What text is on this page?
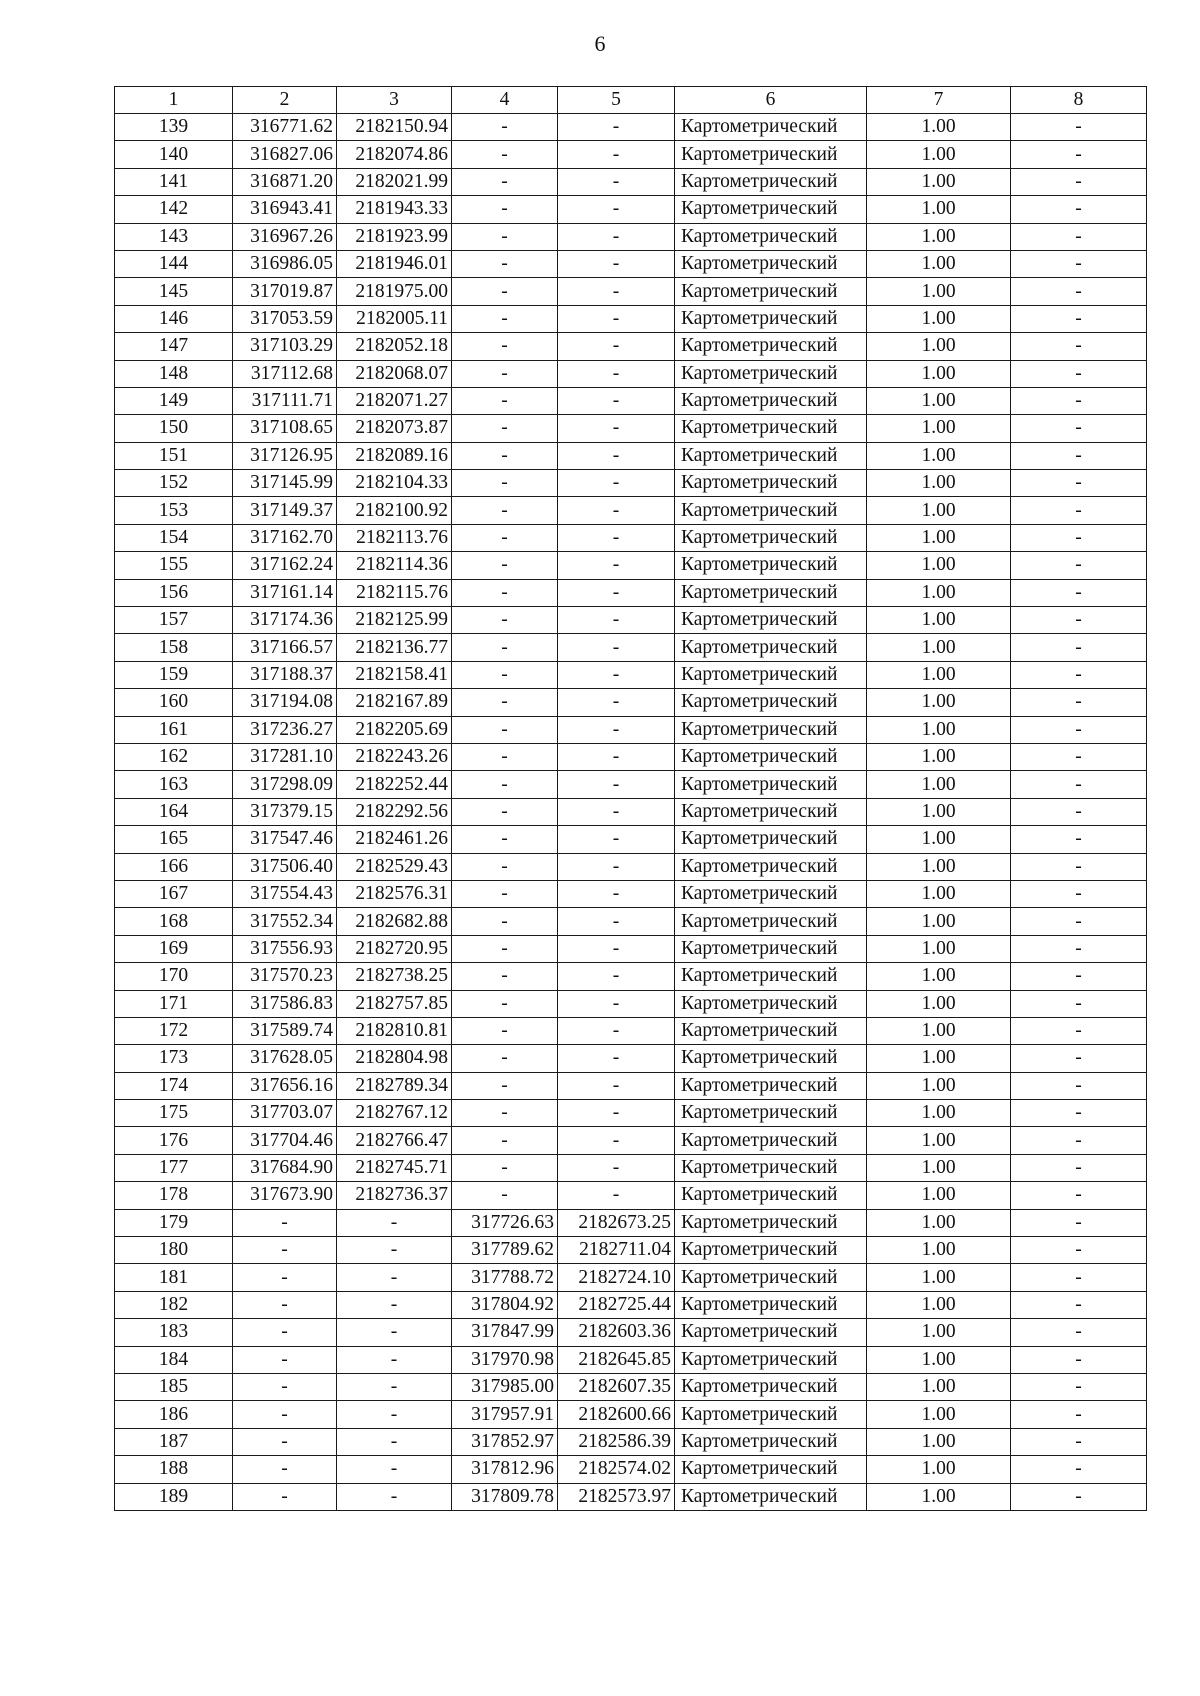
6
1	2	3	4	5	6	7	8
139	316771.62	2182150.94	-	-	Картометрический	1.00	-
140	316827.06	2182074.86	-	-	Картометрический	1.00	-
141	316871.20	2182021.99	-	-	Картометрический	1.00	-
142	316943.41	2181943.33	-	-	Картометрический	1.00	-
143	316967.26	2181923.99	-	-	Картометрический	1.00	-
144	316986.05	2181946.01	-	-	Картометрический	1.00	-
145	317019.87	2181975.00	-	-	Картометрический	1.00	-
146	317053.59	2182005.11	-	-	Картометрический	1.00	-
147	317103.29	2182052.18	-	-	Картометрический	1.00	-
148	317112.68	2182068.07	-	-	Картометрический	1.00	-
149	317111.71	2182071.27	-	-	Картометрический	1.00	-
150	317108.65	2182073.87	-	-	Картометрический	1.00	-
151	317126.95	2182089.16	-	-	Картометрический	1.00	-
152	317145.99	2182104.33	-	-	Картометрический	1.00	-
153	317149.37	2182100.92	-	-	Картометрический	1.00	-
154	317162.70	2182113.76	-	-	Картометрический	1.00	-
155	317162.24	2182114.36	-	-	Картометрический	1.00	-
156	317161.14	2182115.76	-	-	Картометрический	1.00	-
157	317174.36	2182125.99	-	-	Картометрический	1.00	-
158	317166.57	2182136.77	-	-	Картометрический	1.00	-
159	317188.37	2182158.41	-	-	Картометрический	1.00	-
160	317194.08	2182167.89	-	-	Картометрический	1.00	-
161	317236.27	2182205.69	-	-	Картометрический	1.00	-
162	317281.10	2182243.26	-	-	Картометрический	1.00	-
163	317298.09	2182252.44	-	-	Картометрический	1.00	-
164	317379.15	2182292.56	-	-	Картометрический	1.00	-
165	317547.46	2182461.26	-	-	Картометрический	1.00	-
166	317506.40	2182529.43	-	-	Картометрический	1.00	-
167	317554.43	2182576.31	-	-	Картометрический	1.00	-
168	317552.34	2182682.88	-	-	Картометрический	1.00	-
169	317556.93	2182720.95	-	-	Картометрический	1.00	-
170	317570.23	2182738.25	-	-	Картометрический	1.00	-
171	317586.83	2182757.85	-	-	Картометрический	1.00	-
172	317589.74	2182810.81	-	-	Картометрический	1.00	-
173	317628.05	2182804.98	-	-	Картометрический	1.00	-
174	317656.16	2182789.34	-	-	Картометрический	1.00	-
175	317703.07	2182767.12	-	-	Картометрический	1.00	-
176	317704.46	2182766.47	-	-	Картометрический	1.00	-
177	317684.90	2182745.71	-	-	Картометрический	1.00	-
178	317673.90	2182736.37	-	-	Картометрический	1.00	-
179	-	-	317726.63	2182673.25	Картометрический	1.00	-
180	-	-	317789.62	2182711.04	Картометрический	1.00	-
181	-	-	317788.72	2182724.10	Картометрический	1.00	-
182	-	-	317804.92	2182725.44	Картометрический	1.00	-
183	-	-	317847.99	2182603.36	Картометрический	1.00	-
184	-	-	317970.98	2182645.85	Картометрический	1.00	-
185	-	-	317985.00	2182607.35	Картометрический	1.00	-
186	-	-	317957.91	2182600.66	Картометрический	1.00	-
187	-	-	317852.97	2182586.39	Картометрический	1.00	-
188	-	-	317812.96	2182574.02	Картометрический	1.00	-
189	-	-	317809.78	2182573.97	Картометрический	1.00	-
